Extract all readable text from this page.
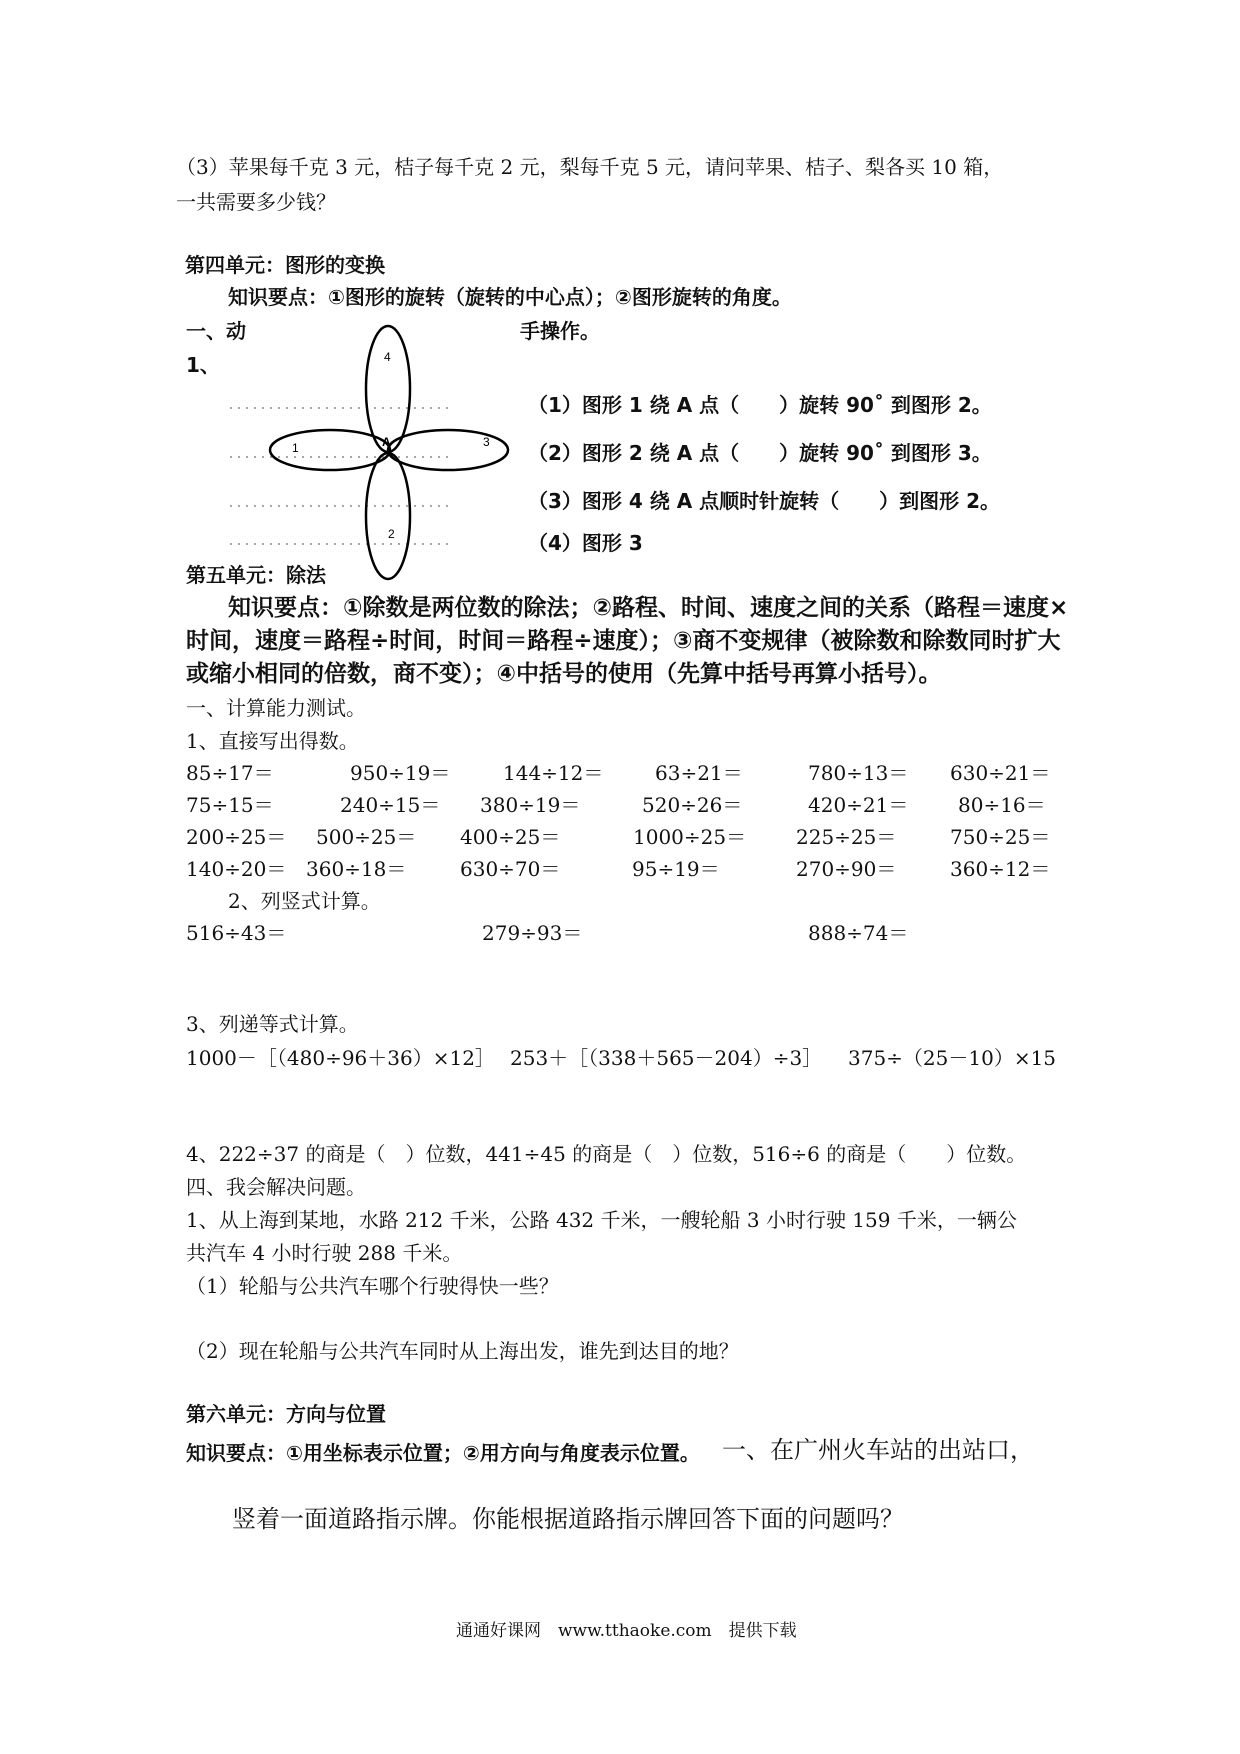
（3）苹果每千克 3 元，桔子每千克 2 元，梨每千克 5 元，请问苹果、桔子、梨各买 10 箱，
一共需要多少钱？
第四单元：图形的变换
知识要点：①图形的旋转（旋转的中心点）；②图形旋转的角度。
一、动	手操作。
1、
1
2
3
4
A
（1）图形 1 绕 A 点（　　）旋转 90˚ 到图形 2。
（2）图形 2 绕 A 点（　　）旋转 90˚ 到图形 3。
（3）图形 4 绕 A 点顺时针旋转（　　）到图形 2。
（4）图形 3
第五单元：除法
知识要点：①除数是两位数的除法；②路程、时间、速度之间的关系（路程＝速度×
时间，速度＝路程÷时间，时间＝路程÷速度）；③商不变规律（被除数和除数同时扩大
或缩小相同的倍数，商不变）；④中括号的使用（先算中括号再算小括号）。
一、计算能力测试。
1、直接写出得数。
85÷17＝	950÷19＝	144÷12＝	63÷21＝	780÷13＝ 630÷21＝
75÷15＝	240÷15＝ 380÷19＝	520÷26＝	420÷21＝ 80÷16＝
200÷25＝ 500÷25＝ 400÷25＝	1000÷25＝ 225÷25＝	750÷25＝
140÷20＝ 360÷18＝	630÷70＝	95÷19＝	270÷90＝	360÷12＝
2、列竖式计算。
516÷43＝	279÷93＝	888÷74＝
3、列递等式计算。
1000－［（480÷96＋36）×12］ 253＋［（338＋565－204）÷3］ 375÷（25－10）×15
4、222÷37 的商是（　）位数，441÷45 的商是（　）位数，516÷6 的商是（　　）位数。
四、我会解决问题。
1、从上海到某地，水路 212 千米，公路 432 千米，一艘轮船 3 小时行驶 159 千米，一辆公
共汽车 4 小时行驶 288 千米。
（1）轮船与公共汽车哪个行驶得快一些？
（2）现在轮船与公共汽车同时从上海出发，谁先到达目的地？
第六单元：方向与位置
知识要点：①用坐标表示位置；②用方向与角度表示位置。 一、在广州火车站的出站口，
竖着一面道路指示牌。你能根据道路指示牌回答下面的问题吗？
通通好课网　www.tthaoke.com　提供下载
